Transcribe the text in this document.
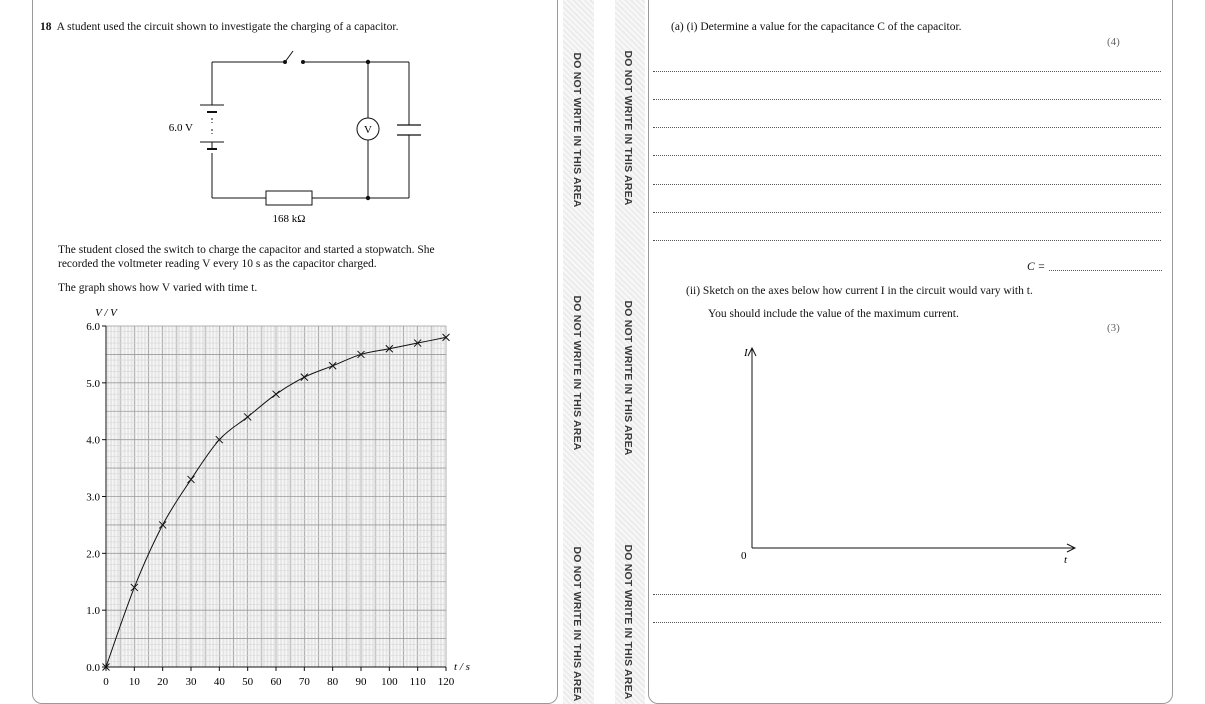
DO NOT WRITE IN THIS AREA
DO NOT WRITE IN THIS AREA
DO NOT WRITE IN THIS AREA
DO NOT WRITE IN THIS AREA
DO NOT WRITE IN THIS AREA
DO NOT WRITE IN THIS AREA
18 A student used the circuit shown to investigate the charging of a capacitor.
6.0 V
168 kΩ
V
The student closed the switch to charge the capacitor and started a stopwatch. She
recorded the voltmeter reading V every 10 s as the capacitor charged.
The graph shows how V varied with time t.
0 10 20 30 40 50 60 70 80 90 100 110 120
0.0
1.0
2.0
3.0
4.0
5.0
6.0
V / V
t / s
(a) (i) Determine a value for the capacitance C of the capacitor.
(4)
C =
(ii) Sketch on the axes below how current I in the circuit would vary with t.
You should include the value of the maximum current.
(3)
I
t
0
